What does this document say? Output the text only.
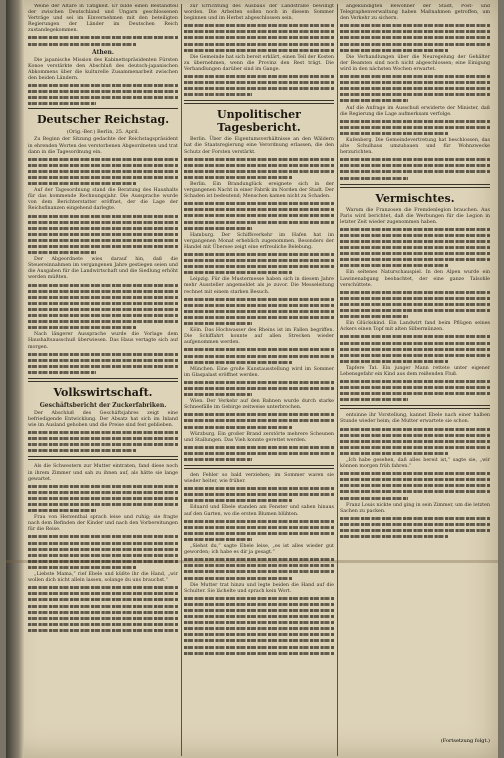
Weihe der Altäre in Tätigkeit. Er bilde einen Bestandteil der zwischen Deutschland und Ungarn geschlossenen Verträge und sei im Einvernehmen mit den beteiligten Regierungen der Länder im Deutschen Reich zustandegekommen.

Athen.

Die japanische Mission des Kabinettspräsidenten Fürsten Konoe verstärkte den Abschluß des deutsch-japanischen Abkommens über die kulturelle Zusammenarbeit zwischen den beiden Ländern.

Deutscher Reichstag.
(Orig.-Ber.) Berlin, 25. April.

Zu Beginn der Sitzung gedachte der Reichstagspräsident in ehrenden Worten des verstorbenen Abgeordneten und trat dann in die Tagesordnung ein.

Auf der Tagesordnung stand die Beratung des Haushalts für das kommende Rechnungsjahr. Die Aussprache wurde von dem Berichterstatter eröffnet, der die Lage der Reichsfinanzen eingehend darlegte.

Der Abgeordnete wies darauf hin, daß die Steuereinnahmen im vergangenen Jahre gestiegen seien und die Ausgaben für die Landwirtschaft und die Siedlung erhöht werden müßten.

Nach längerer Aussprache wurde die Vorlage dem Haushaltsausschuß überwiesen. Das Haus vertagte sich auf morgen.

Volkswirtschaft.
Geschäftsbericht der Zuckerfabriken.

Der Abschluß des Geschäftsjahres zeigt eine befriedigende Entwicklung. Der Absatz hat sich im Inland wie im Ausland gehoben und die Preise sind fest geblieben.

Als die Schwestern zur Mutter eintraten, fand diese noch in ihrem Zimmer und sah zu ihnen auf, als hätte sie lange gewartet.

Frau von Herzenthal sprach leise und ruhig; sie fragte nach dem Befinden der Kinder und nach den Vorbereitungen für die Reise.

„Liebste Mama,“ rief Ebele und küßte ihr die Hand, „wir wollen dich nicht allein lassen, solange du uns brauchst.“

zur Errichtung des Ausbaus der Landstraße bewilligt worden. Die Arbeiten sollen noch in diesem Sommer beginnen und im Herbst abgeschlossen sein.

Die Gemeinde hat sich bereit erklärt, einen Teil der Kosten zu übernehmen, wenn die Provinz den Rest trägt. Die Verhandlungen darüber sind im Gange.

Unpolitischer Tagesbericht.

Berlin. Über die Eigentumsverhältnisse an den Wäldern hat die Staatsregierung eine Verordnung erlassen, die den Schutz der Forsten verstärkt.

Berlin. Ein Brandunglück ereignete sich in der vergangenen Nacht in einer Fabrik im Norden der Stadt. Der Schaden ist bedeutend; Menschen kamen nicht zu Schaden.

Hamburg. Der Schiffsverkehr im Hafen hat im vergangenen Monat erheblich zugenommen. Besonders der Handel mit Übersee zeigt eine erfreuliche Belebung.

Leipzig. Für die Mustermesse haben sich in diesem Jahre mehr Aussteller angemeldet als je zuvor. Die Messeleitung rechnet mit einem starken Besuch.

Köln. Das Hochwasser des Rheins ist im Fallen begriffen. Die Schiffahrt konnte auf allen Strecken wieder aufgenommen werden.

München. Eine große Kunstausstellung wird im Sommer im Glaspalast eröffnet werden.

Wien. Der Verkehr auf den Bahnen wurde durch starke Schneefälle im Gebirge zeitweise unterbrochen.

Würzburg. Ein großer Brand zerstörte mehrere Scheunen und Stallungen. Das Vieh konnte gerettet werden.

den Fehler so bald verziehen; im Sommer waren sie wieder heiter, wie früher.

Eduard und Ebele standen am Fenster und sahen hinaus auf den Garten, wo die ersten Blumen blühten.

„Siehst du,“ sagte Ebele leise, „es ist alles wieder gut geworden; ich habe es dir ja gesagt.“

Die Mutter trat hinzu und legte beiden die Hand auf die Schulter. Sie lächelte und sprach kein Wort.

angekündigten Bewohner der Stadt, Post- und Telegraphenverwaltung haben Maßnahmen getroffen, um den Verkehr zu sichern.

Die Verhandlungen über die Neuregelung der Gehälter der Beamten sind noch nicht abgeschlossen; eine Einigung wird in den nächsten Wochen erwartet.

Auf die Anfrage im Ausschuß erwiderte der Minister, daß die Regierung die Lage aufmerksam verfolge.

Kufenberg. Die Gemeindevertretung hat beschlossen, das alte Schulhaus umzubauen und für Wohnzwecke herzurichten.

Vermischtes.

Warum die Franzosen die Fremdenlegion brauchen. Aus Paris wird berichtet, daß die Werbungen für die Legion in letzter Zeit wieder zugenommen haben.

Ein seltenes Naturschauspiel. In den Alpen wurde ein Lawinenabgang beobachtet, der eine ganze Talsohle verschüttete.

Ein Glückskind. Ein Landwirt fand beim Pflügen seines Ackers einen Topf mit alten Silbermünzen.

Tapfere Tat. Ein junger Mann rettete unter eigener Lebensgefahr ein Kind aus dem reißenden Fluß.

entsinne ihr Vorstellung, kannst Ebele nach einer halben Stunde wieder heim; die Mutter erwartete sie schon.

„Ich habe gesehen, daß alles bereit ist,“ sagte sie, „wir können morgen früh fahren.“

Franz Louis nickte und ging in sein Zimmer, um die letzten Sachen zu packen.

(Fortsetzung folgt.)
